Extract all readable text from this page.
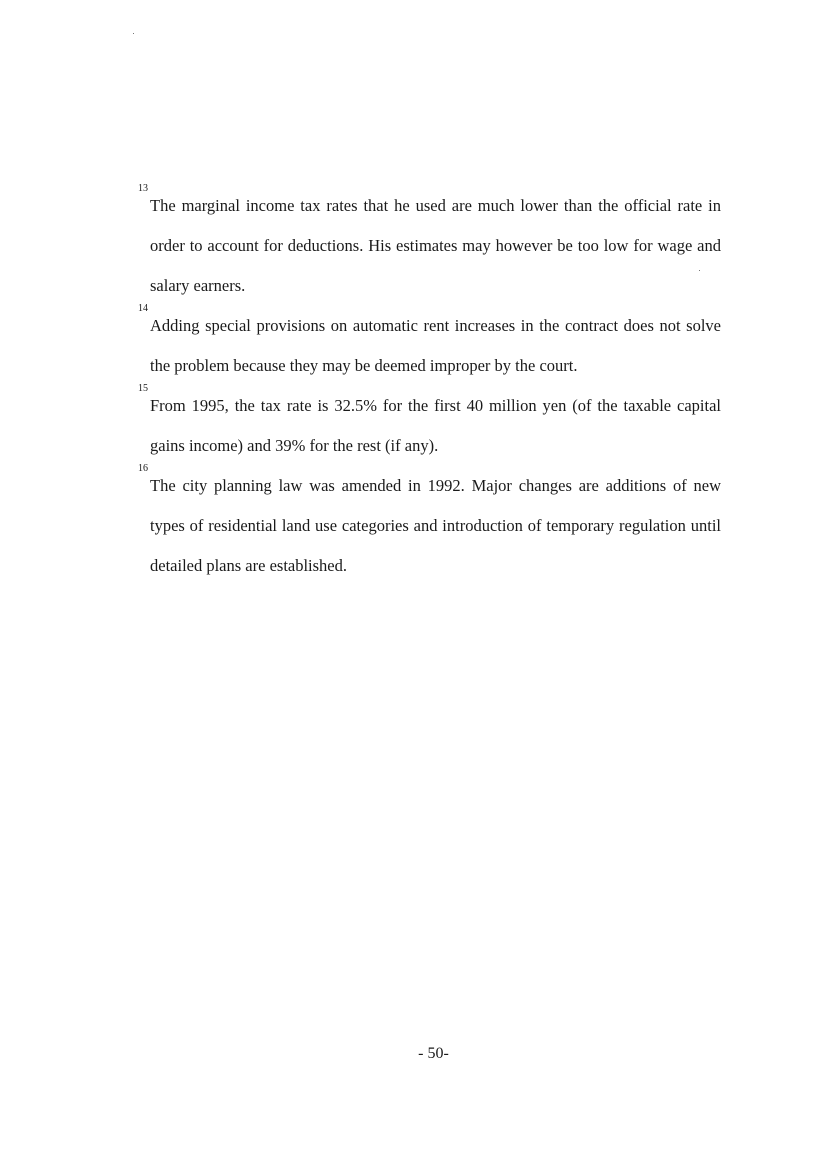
13
The marginal income tax rates that he used are much lower than the official rate in order to account for deductions. His estimates may however be too low for wage and salary earners.

14
Adding special provisions on automatic rent increases in the contract does not solve the problem because they may be deemed improper by the court.

15
From 1995, the tax rate is 32.5% for the first 40 million yen (of the taxable capital gains income) and 39% for the rest (if any).

16
The city planning law was amended in 1992. Major changes are additions of new types of residential land use categories and introduction of temporary regulation until detailed plans are established.

- 50-
